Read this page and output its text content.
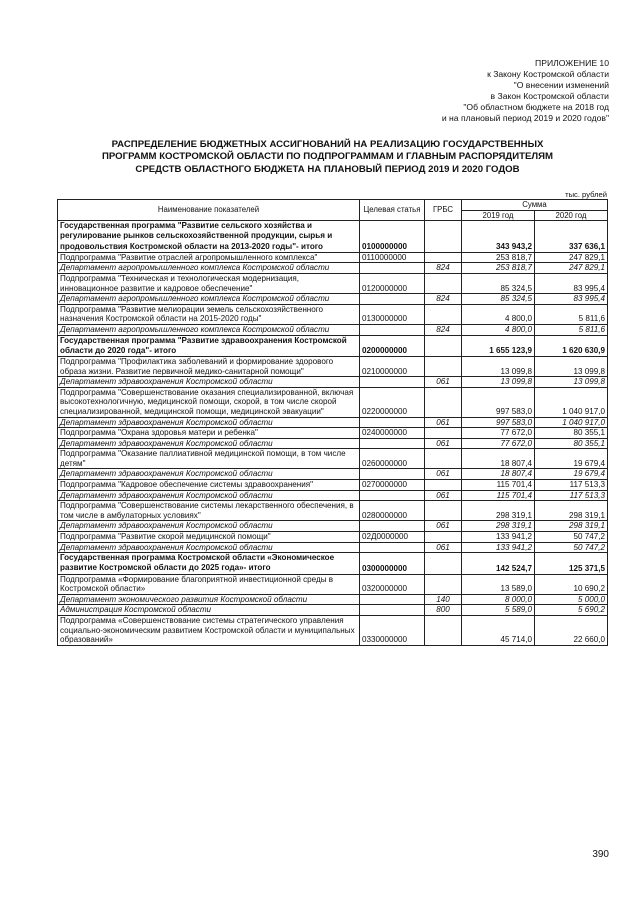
ПРИЛОЖЕНИЕ 10
к Закону Костромской области
"О внесении изменений
в Закон Костромской области
"Об областном бюджете на 2018 год
и на плановый период 2019 и 2020 годов"
РАСПРЕДЕЛЕНИЕ БЮДЖЕТНЫХ АССИГНОВАНИЙ НА РЕАЛИЗАЦИЮ ГОСУДАРСТВЕННЫХ
ПРОГРАММ КОСТРОМСКОЙ ОБЛАСТИ ПО ПОДПРОГРАММАМ И ГЛАВНЫМ РАСПОРЯДИТЕЛЯМ
СРЕДСТВ ОБЛАСТНОГО БЮДЖЕТА НА ПЛАНОВЫЙ ПЕРИОД 2019 И 2020 ГОДОВ
тыс. рублей
Наименование показателей	Целевая статья	ГРБС	Сумма	
			2019 год	2020 год
Государственная программа "Развитие сельского хозяйства и регулирование рынков сельскохозяйственной продукции, сырья и продовольствия Костромской области на 2013-2020 годы"- итого	0100000000		343 943,2	337 636,1
Подпрограмма "Развитие отраслей агропромышленного комплекса"	0110000000		253 818,7	247 829,1
Департамент агропромышленного комплекса Костромской области		824	253 818,7	247 829,1
Подпрограмма "Техническая и технологическая модернизация, инновационное развитие и кадровое обеспечение"	0120000000		85 324,5	83 995,4
Департамент агропромышленного комплекса Костромской области		824	85 324,5	83 995,4
Подпрограмма "Развитие мелиорации земель сельскохозяйственного назначения Костромской области на 2015-2020 годы"	0130000000		4 800,0	5 811,6
Департамент агропромышленного комплекса Костромской области		824	4 800,0	5 811,6
Государственная программа "Развитие здравоохранения Костромской области до 2020 года"- итого	0200000000		1 655 123,9	1 620 630,9
Подпрограмма "Профилактика заболеваний и формирование здорового образа жизни. Развитие первичной медико-санитарной помощи"	0210000000		13 099,8	13 099,8
Департамент здравоохранения Костромской области		061	13 099,8	13 099,8
Подпрограмма "Совершенствование оказания специализированной, включая высокотехнологичную, медицинской помощи, скорой, в том числе скорой специализированной, медицинской помощи, медицинской эвакуации"	0220000000		997 583,0	1 040 917,0
Департамент здравоохранения Костромской области		061	997 583,0	1 040 917,0
Подпрограмма "Охрана здоровья матери и ребенка"	0240000000		77 672,0	80 355,1
Департамент здравоохранения Костромской области		061	77 672,0	80 355,1
Подпрограмма "Оказание паллиативной медицинской помощи, в том числе детям"	0260000000		18 807,4	19 679,4
Департамент здравоохранения Костромской области		061	18 807,4	19 679,4
Подпрограмма "Кадровое обеспечение системы здравоохранения"	0270000000		115 701,4	117 513,3
Департамент здравоохранения Костромской области		061	115 701,4	117 513,3
Подпрограмма "Совершенствование системы лекарственного обеспечения, в том числе в амбулаторных условиях"	0280000000		298 319,1	298 319,1
Департамент здравоохранения Костромской области		061	298 319,1	298 319,1
Подпрограмма "Развитие скорой медицинской помощи"	02Д0000000		133 941,2	50 747,2
Департамент здравоохранения Костромской области		061	133 941,2	50 747,2
Государственная программа Костромской области «Экономическое развитие Костромской области до 2025 года»- итого	0300000000		142 524,7	125 371,5
Подпрограмма «Формирование благоприятной инвестиционной среды в Костромской области»	0320000000		13 589,0	10 690,2
Департамент экономического развития Костромской области		140	8 000,0	5 000,0
Администрация Костромской области		800	5 589,0	5 690,2
Подпрограмма «Совершенствование системы стратегического управления социально-экономическим развитием Костромской области и муниципальных образований»	0330000000		45 714,0	22 660,0
390
